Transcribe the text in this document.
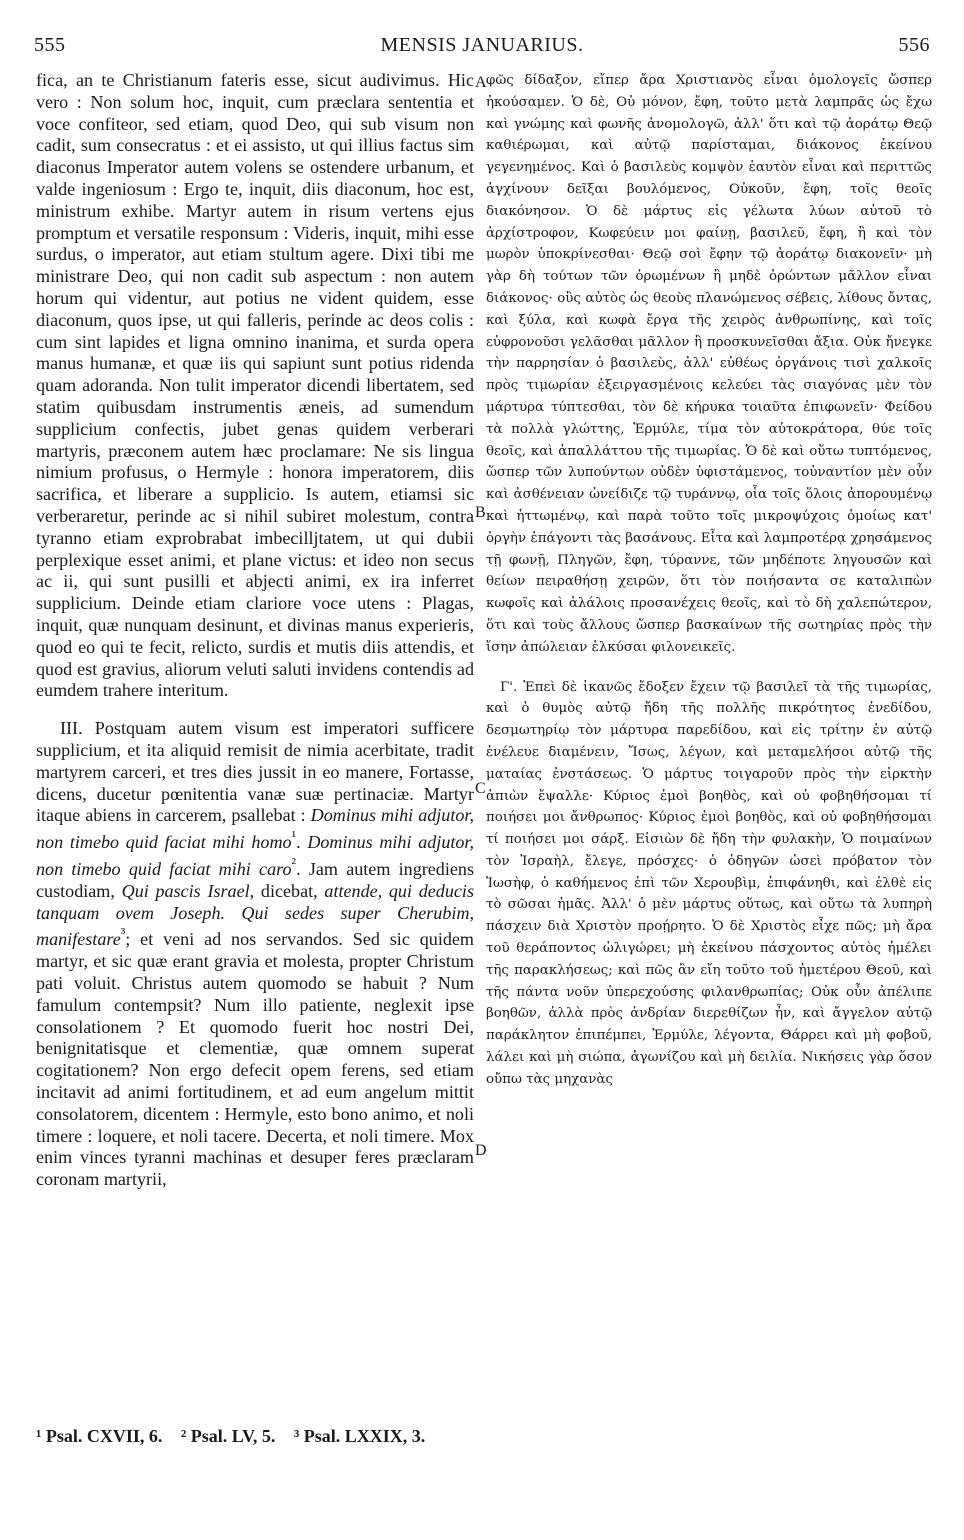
555	MENSIS JANUARIUS.	556

fica, an te Christianum fateris esse, sicut audivimus. Hic vero : Non solum hoc, inquit, cum præclara sententia et voce confiteor, sed etiam, quod Deo, qui sub visum non cadit, sum consecratus : et ei assisto, ut qui illius factus sim diaconus Imperator autem volens se ostendere urbanum, et valde ingeniosum : Ergo te, inquit, diis diaconum, hoc est, ministrum exhibe. Martyr autem in risum vertens ejus promptum et versatile responsum : Videris, inquit, mihi esse surdus, o imperator, aut etiam stultum agere. Dixi tibi me ministrare Deo, qui non cadit sub aspectum : non autem horum qui videntur, aut potius ne vident quidem, esse diaconum, quos ipse, ut qui falleris, perinde ac deos colis : cum sint lapides et ligna omnino inanima, et surda opera manus humanæ, et quæ iis qui sapiunt sunt potius ridenda quam adoranda. Non tulit imperator dicendi libertatem, sed statim quibusdam instrumentis æneis, ad sumendum supplicium confectis, jubet genas quidem verberari martyris, præconem autem hæc proclamare: Ne sis lingua nimium profusus, o Hermyle : honora imperatorem, diis sacrifica, et liberare a supplicio. Is autem, etiamsi sic verberaretur, perinde ac si nihil subiret molestum, contra tyranno etiam exprobrabat imbecilljtatem, ut qui dubii perplexique esset animi, et plane victus: et ideo non secus ac ii, qui sunt pusilli et abjecti animi, ex ira inferret supplicium. Deinde etiam clariore voce utens : Plagas, inquit, quæ nunquam desinunt, et divinas manus experieris, quod eo qui te fecit, relicto, surdis et mutis diis attendis, et quod est gravius, aliorum veluti saluti invidens contendis ad eumdem trahere interitum.

III. Postquam autem visum est imperatori sufficere supplicium, et ita aliquid remisit de nimia acerbitate, tradit martyrem carceri, et tres dies jussit in eo manere, Fortasse, dicens, ducetur pœnitentia vanæ suæ pertinaciæ. Martyr itaque abiens in carcerem, psallebat : Dominus mihi adjutor, non timebo quid faciat mihi homo$^{^1}$. Dominus mihi adjutor, non timebo quid faciat mihi caro$^{^2}$. Jam autem ingrediens custodiam, Qui pascis Israel, dicebat, attende, qui deducis tanquam ovem Joseph. Qui sedes super Cherubim, manifestare$^{^3}$; et veni ad nos servandos. Sed sic quidem martyr, et sic quæ erant gravia et molesta, propter Christum pati voluit. Christus autem quomodo se habuit ? Num famulum contempsit? Num illo patiente, neglexit ipse consolationem ? Et quomodo fuerit hoc nostri Dei, benignitatisque et clementiæ, quæ omnem superat cogitationem? Non ergo defecit opem ferens, sed etiam incitavit ad animi fortitudinem, et ad eum angelum mittit consolatorem, dicentem : Hermyle, esto bono animo, et noli timere : loquere, et noli tacere. Decerta, et noli timere. Mox enim vinces tyranni machinas et desuper feres præclaram coronam martyrii,

A
B
C
D

φῶς δίδαξον, εἴπερ ἄρα Χριστιανὸς εἶναι ὁμολογεῖς ὥσπερ ἠκούσαμεν. Ὁ δὲ, Οὐ μόνον, ἔφη, τοῦτο μετὰ λαμπρᾶς ὡς ἔχω καὶ γνώμης καὶ φωνῆς ἀνομολογῶ, ἀλλ' ὅτι καὶ τῷ ἀοράτῳ Θεῷ καθιέρωμαι, καὶ αὐτῷ παρίσταμαι, διάκονος ἐκείνου γεγενημένος. Καὶ ὁ βασιλεὺς κομψὸν ἑαυτὸν εἶναι καὶ περιττῶς ἀγχίνουν δεῖξαι βουλόμενος, Οὐκοῦν, ἔφη, τοῖς θεοῖς διακόνησον. Ὁ δὲ μάρτυς εἰς γέλωτα λύων αὐτοῦ τὸ ἀρχίστροφον, Κωφεύειν μοι φαίνῃ, βασιλεῦ, ἔφη, ἢ καὶ τὸν μωρὸν ὑποκρίνεσθαι· Θεῷ σοὶ ἔφην τῷ ἀοράτῳ διακονεῖν· μὴ γὰρ δὴ τούτων τῶν ὁρωμένων ἢ μηδὲ ὁρώντων μᾶλλον εἶναι διάκονος· οὓς αὐτὸς ὡς θεοὺς πλανώμενος σέβεις, λίθους ὄντας, καὶ ξύλα, καὶ κωφὰ ἔργα τῆς χειρὸς ἀνθρωπίνης, καὶ τοῖς εὐφρονοῦσι γελᾶσθαι μᾶλλον ἢ προσκυνεῖσθαι ἄξια. Οὐκ ἤνεγκε τὴν παρρησίαν ὁ βασιλεὺς, ἀλλ' εὐθέως ὀργάνοις τισὶ χαλκοῖς πρὸς τιμωρίαν ἐξειργασμένοις κελεύει τὰς σιαγόνας μὲν τὸν μάρτυρα τύπτεσθαι, τὸν δὲ κήρυκα τοιαῦτα ἐπιφωνεῖν· Φείδου τὰ πολλὰ γλώττης, Ἑρμύλε, τίμα τὸν αὐτοκράτορα, θύε τοῖς θεοῖς, καὶ ἀπαλλάττου τῆς τιμωρίας. Ὁ δὲ καὶ οὕτω τυπτόμενος, ὥσπερ τῶν λυπούντων οὐδὲν ὑφιστάμενος, τοὐναντίον μὲν οὖν καὶ ἀσθένειαν ὠνείδιζε τῷ τυράννῳ, οἷα τοῖς ὅλοις ἀπορουμένῳ καὶ ἡττωμένῳ, καὶ παρὰ τοῦτο τοῖς μικροψύχοις ὁμοίως κατ' ὀργὴν ἐπάγοντι τὰς βασάνους. Εἶτα καὶ λαμπροτέρᾳ χρησάμενος τῇ φωνῇ, Πληγῶν, ἔφη, τύραννε, τῶν μηδέποτε ληγουσῶν καὶ θείων πειραθήσῃ χειρῶν, ὅτι τὸν ποιήσαντα σε καταλιπὼν κωφοῖς καὶ ἀλάλοις προσανέχεις θεοῖς, καὶ τὸ δὴ χαλεπώτερον, ὅτι καὶ τοὺς ἄλλους ὥσπερ βασκαίνων τῆς σωτηρίας πρὸς τὴν ἴσην ἀπώλειαν ἑλκύσαι φιλονεικεῖς.

Γ'. Ἐπεὶ δὲ ἱκανῶς ἔδοξεν ἔχειν τῷ βασιλεῖ τὰ τῆς τιμωρίας, καὶ ὁ θυμὸς αὐτῷ ἤδη τῆς πολλῆς πικρότητος ἐνεδίδου, δεσμωτηρίῳ τὸν μάρτυρα παρεδίδου, καὶ εἰς τρίτην ἐν αὐτῷ ἐνέλευε διαμένειν, Ἴσως, λέγων, καὶ μεταμελήσοι αὐτῷ τῆς ματαίας ἐνστάσεως. Ὁ μάρτυς τοιγαροῦν πρὸς τὴν εἱρκτὴν ἀπιὼν ἔψαλλε· Κύριος ἐμοὶ βοηθὸς, καὶ οὐ φοβηθήσομαι τί ποιήσει μοι ἄνθρωπος· Κύριος ἐμοὶ βοηθὸς, καὶ οὐ φοβηθήσομαι τί ποιήσει μοι σάρξ. Εἰσιὼν δὲ ἤδη τὴν φυλακὴν, Ὁ ποιμαίνων τὸν Ἰσραὴλ, ἔλεγε, πρόσχες· ὁ ὁδηγῶν ὡσεὶ πρόβατον τὸν Ἰωσὴφ, ὁ καθήμενος ἐπὶ τῶν Χερουβὶμ, ἐπιφάνηθι, καὶ ἐλθὲ εἰς τὸ σῶσαι ἡμᾶς. Ἀλλ' ὁ μὲν μάρτυς οὕτως, καὶ οὕτω τὰ λυπηρὴ πάσχειν διὰ Χριστὸν προῄρητο. Ὁ δὲ Χριστὸς εἶχε πῶς; μὴ ἄρα τοῦ θεράποντος ὠλιγώρει; μὴ ἐκείνου πάσχοντος αὐτὸς ἠμέλει τῆς παρακλήσεως; καὶ πῶς ἂν εἴη τοῦτο τοῦ ἡμετέρου Θεοῦ, καὶ τῆς πάντα νοῦν ὑπερεχούσης φιλανθρωπίας; Οὐκ οὖν ἀπέλιπε βοηθῶν, ἀλλὰ πρὸς ἀνδρίαν διερεθίζων ἦν, καὶ ἄγγελον αὐτῷ παράκλητον ἐπιπέμπει, Ἑρμύλε, λέγοντα, Θάρρει καὶ μὴ φοβοῦ, λάλει καὶ μὴ σιώπα, ἀγωνίζου καὶ μὴ δειλία. Νικήσεις γὰρ ὅσον οὔπω τὰς μηχανὰς

¹ Psal. CXVII, 6. ² Psal. LV, 5. ³ Psal. LXXIX, 3.
